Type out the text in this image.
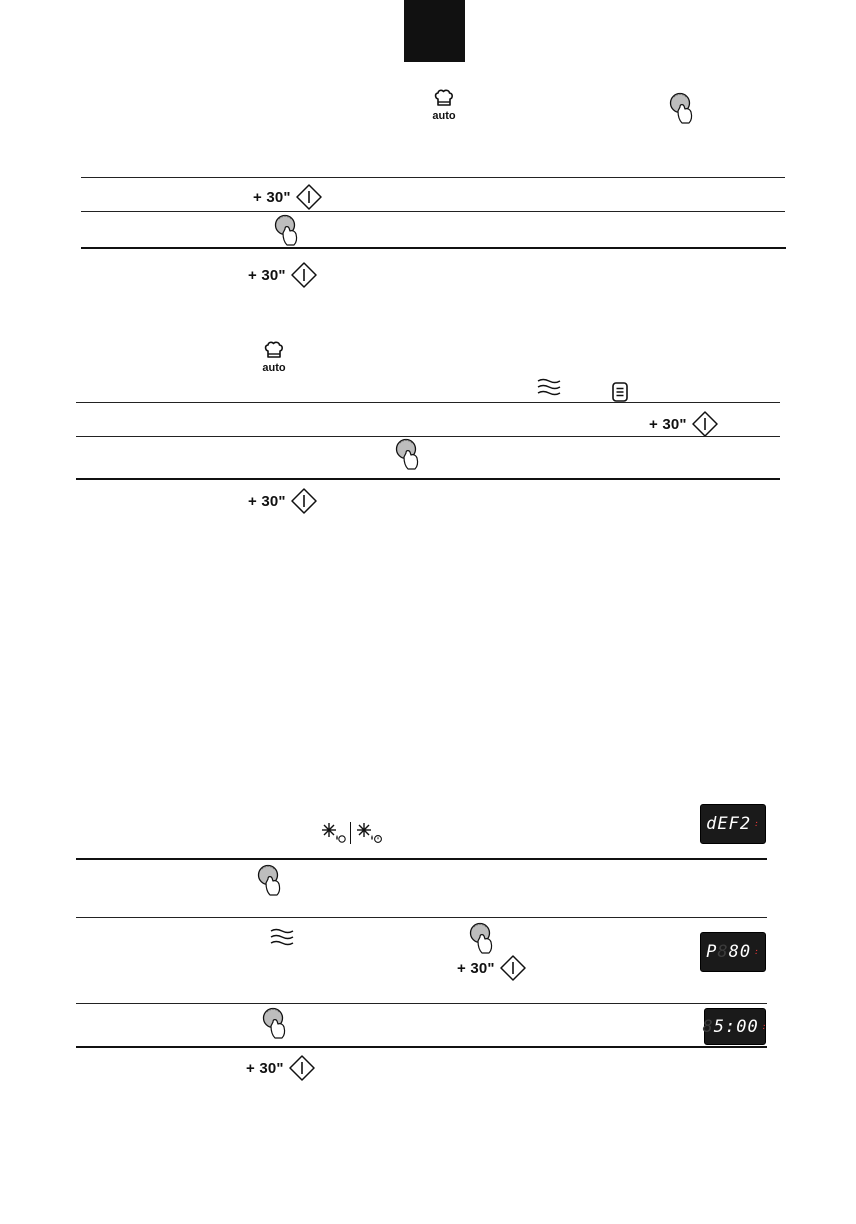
auto
+ 30"
+ 30"
auto
+ 30"
+ 30"
dEF2 :
+ 30"
P 8 80 :
8 5:00 :
+ 30"
